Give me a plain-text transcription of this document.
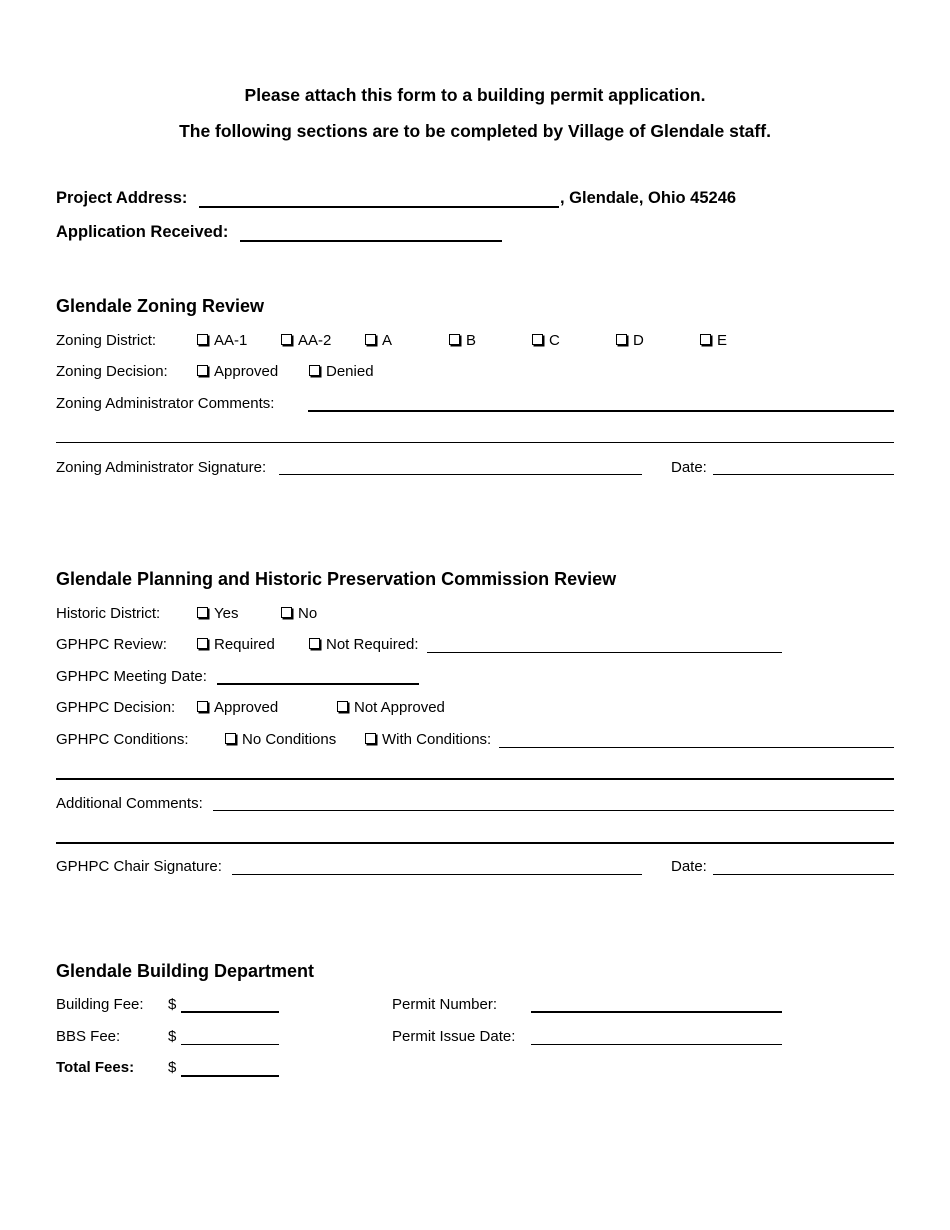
Please attach this form to a building permit application.
The following sections are to be completed by Village of Glendale staff.
Project Address:	, Glendale, Ohio 45246
Application Received:
Glendale Zoning Review
Zoning District:	AA-1	AA-2	A	B	C	D	E
Zoning Decision:	Approved	Denied
Zoning Administrator Comments:
Zoning Administrator Signature:	Date:
Glendale Planning and Historic Preservation Commission Review
Historic District:	Yes	No
GPHPC Review:	Required	Not Required:
GPHPC Meeting Date:
GPHPC Decision:	Approved	Not Approved
GPHPC Conditions:	No Conditions	With Conditions:
Additional Comments:
GPHPC Chair Signature:	Date:
Glendale Building Department
Building Fee: $	Permit Number:
BBS Fee:	$	Permit Issue Date:
Total Fees: $
